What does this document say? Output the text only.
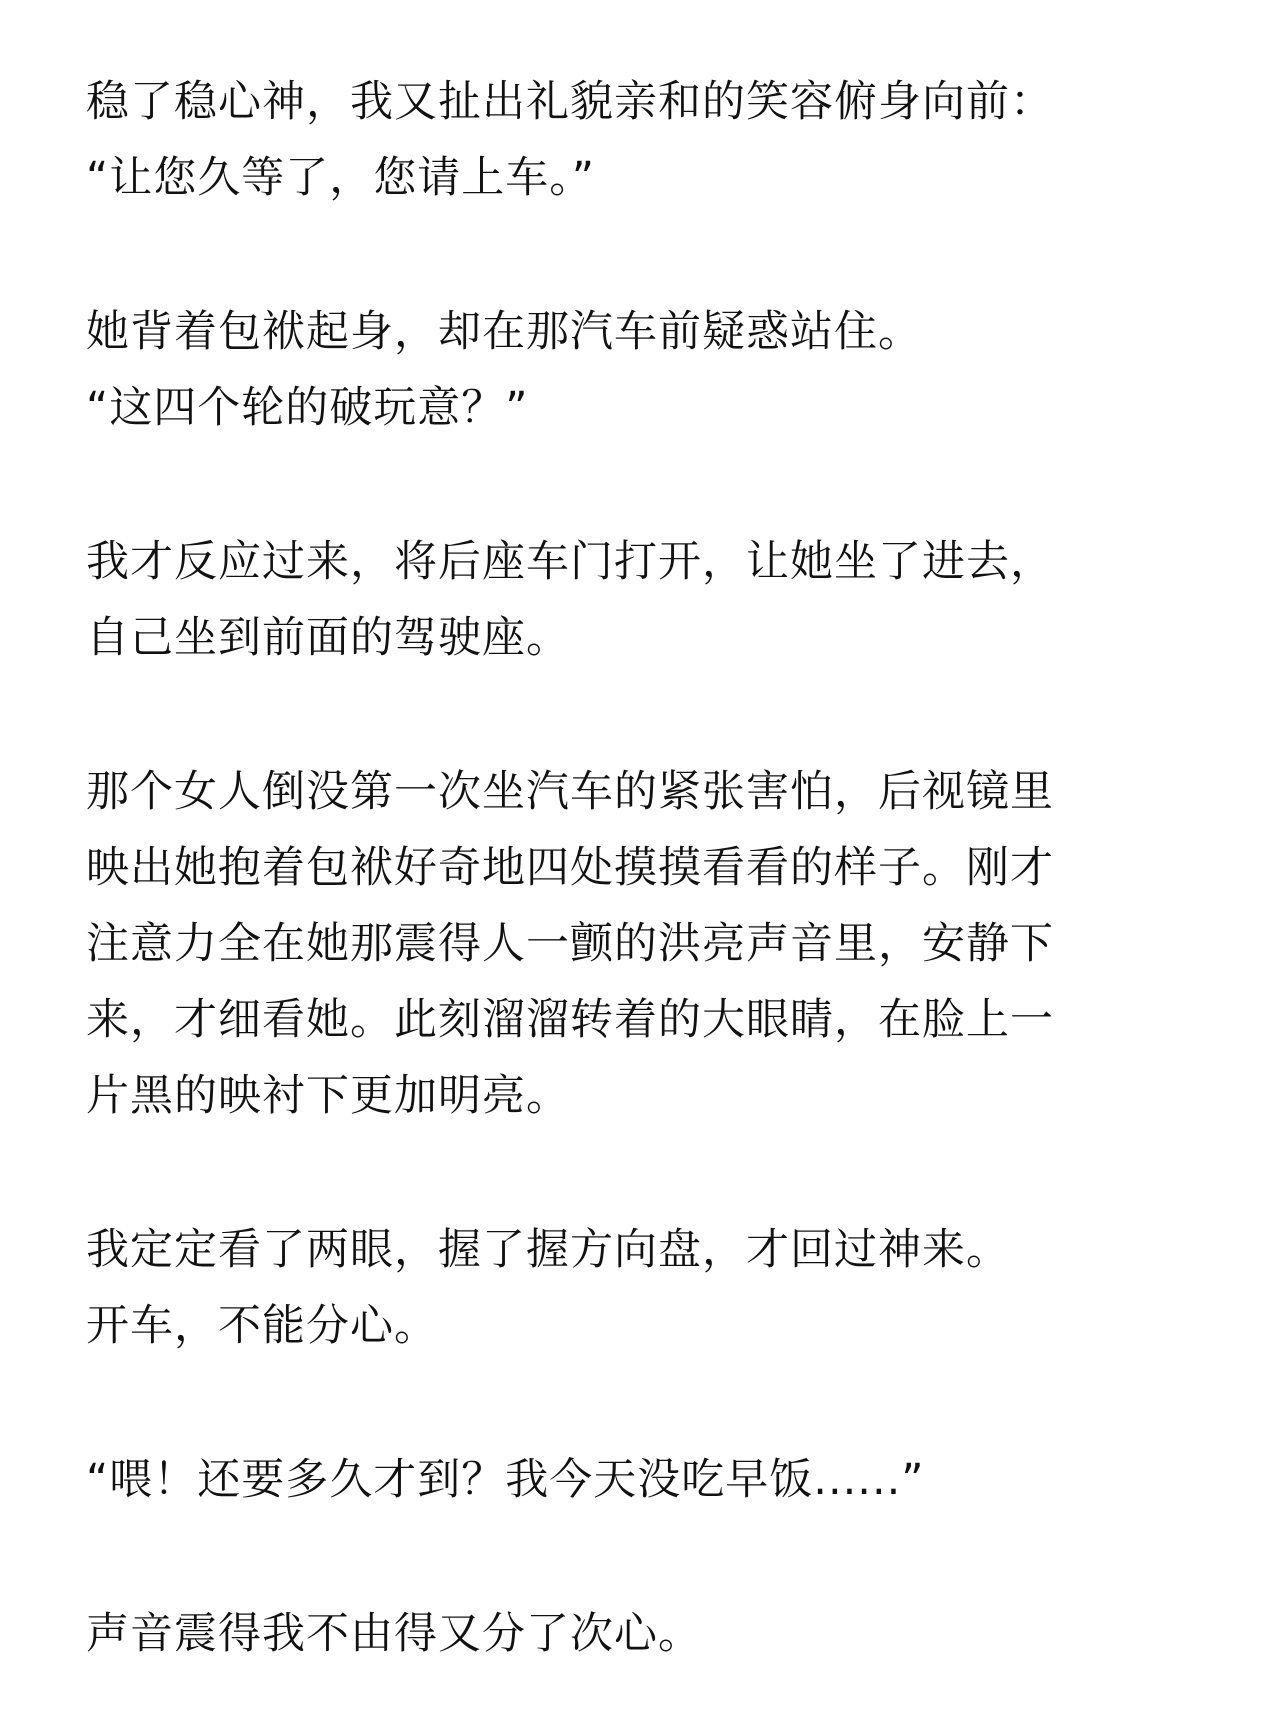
稳了稳心神，我又扯出礼貌亲和的笑容俯身向前：
“让您久等了，您请上车。”
她背着包袱起身，却在那汽车前疑惑站住。
“这四个轮的破玩意？”
我才反应过来，将后座车门打开，让她坐了进去，
自己坐到前面的驾驶座。
那个女人倒没第一次坐汽车的紧张害怕，后视镜里
映出她抱着包袱好奇地四处摸摸看看的样子。刚才
注意力全在她那震得人一颤的洪亮声音里，安静下
来，才细看她。此刻溜溜转着的大眼睛，在脸上一
片黑的映衬下更加明亮。
我定定看了两眼，握了握方向盘，才回过神来。
开车，不能分心。
“喂！还要多久才到？我今天没吃早饭......”
声音震得我不由得又分了次心。
